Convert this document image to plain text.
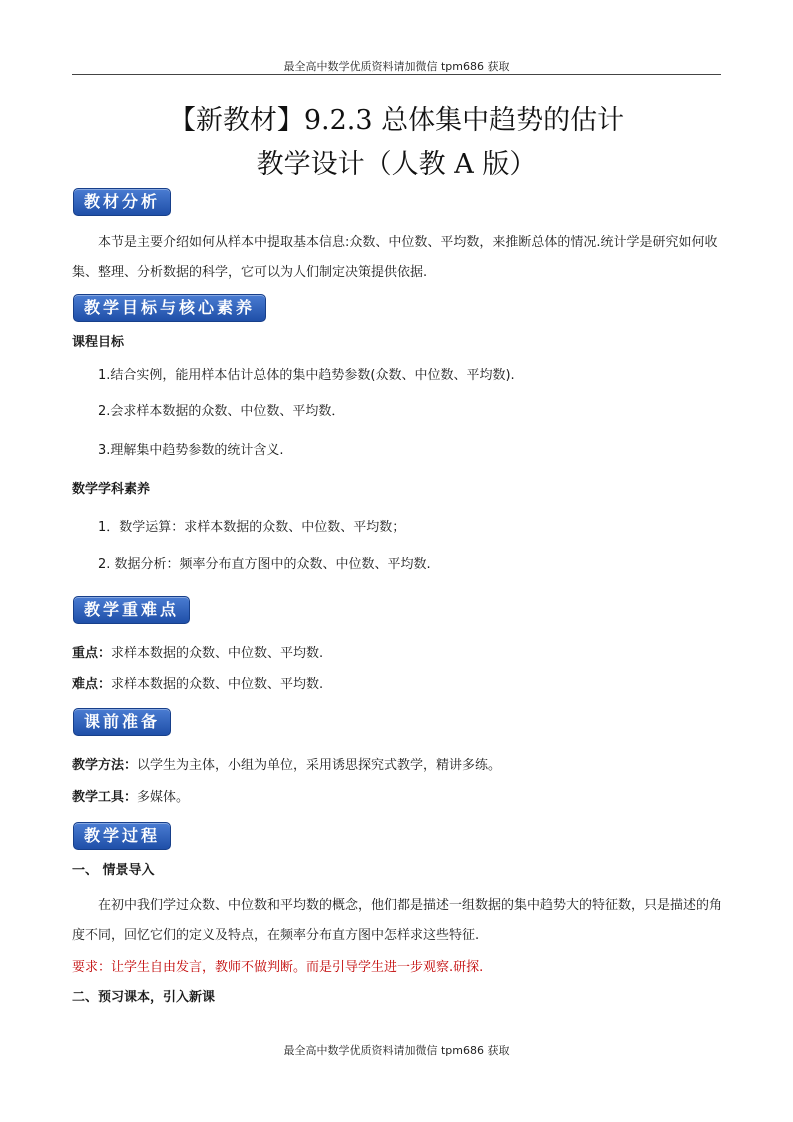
最全高中数学优质资料请加微信 tpm686 获取
【新教材】9.2.3 总体集中趋势的估计
教学设计（人教 A 版）
教材分析
本节是主要介绍如何从样本中提取基本信息:众数、中位数、平均数，来推断总体的情况.统计学是研究如何收集、整理、分析数据的科学，它可以为人们制定决策提供依据.
教学目标与核心素养
课程目标
1.结合实例，能用样本估计总体的集中趋势参数(众数、中位数、平均数).
2.会求样本数据的众数、中位数、平均数．
3.理解集中趋势参数的统计含义.
数学学科素养
1．数学运算：求样本数据的众数、中位数、平均数；
2. 数据分析：频率分布直方图中的众数、中位数、平均数.
教学重难点
重点：求样本数据的众数、中位数、平均数.
难点：求样本数据的众数、中位数、平均数.
课前准备
教学方法：以学生为主体，小组为单位，采用诱思探究式教学，精讲多练。
教学工具：多媒体。
教学过程
一、 情景导入
在初中我们学过众数、中位数和平均数的概念，他们都是描述一组数据的集中趋势大的特征数，只是描述的角度不同，回忆它们的定义及特点，在频率分布直方图中怎样求这些特征.
要求：让学生自由发言，教师不做判断。而是引导学生进一步观察.研探.
二、预习课本，引入新课
最全高中数学优质资料请加微信 tpm686 获取
